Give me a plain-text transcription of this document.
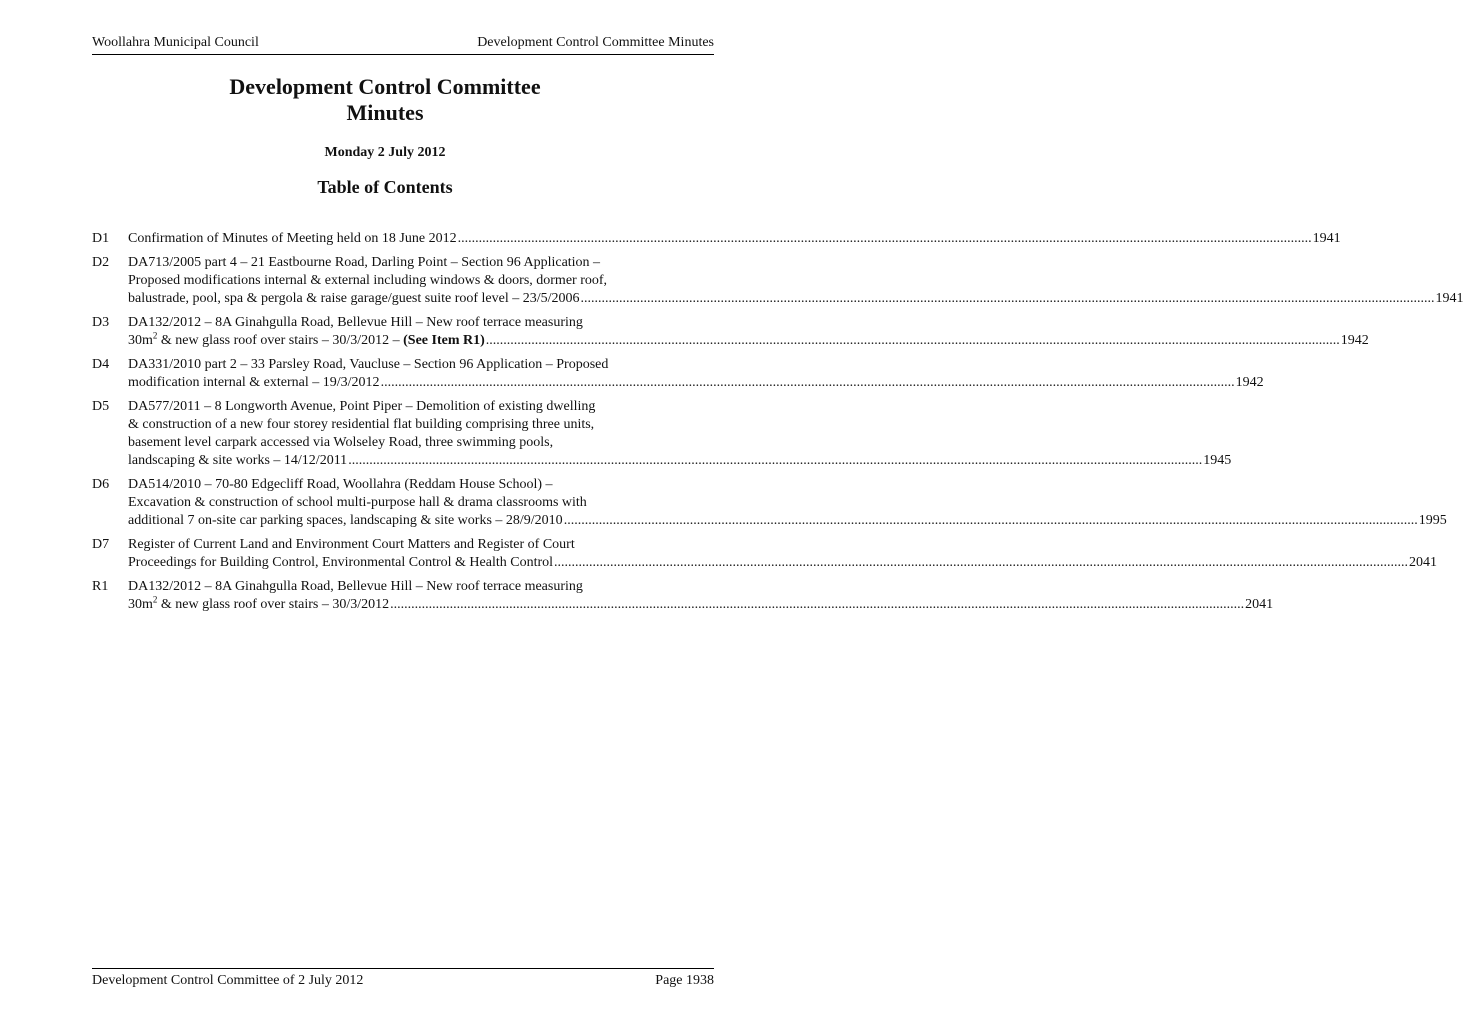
Woollahra Municipal Council	Development Control Committee Minutes
Development Control Committee
Minutes
Monday 2 July 2012
Table of Contents
D1	Confirmation of Minutes of Meeting held on 18 June 2012 .....	1941
D2	DA713/2005 part 4 – 21 Eastbourne Road, Darling Point – Section 96 Application –
Proposed modifications internal & external including windows & doors, dormer roof,
balustrade, pool, spa & pergola & raise garage/guest suite roof level – 23/5/2006 .....	1941
D3	DA132/2012 – 8A Ginahgulla Road, Bellevue Hill – New roof terrace measuring
$30m^2$ & new glass roof over stairs – 30/3/2012 – (See Item R1) .....	1942
D4	DA331/2010 part 2 – 33 Parsley Road, Vaucluse – Section 96 Application – Proposed
modification internal & external – 19/3/2012 .....	1942
D5	DA577/2011 – 8 Longworth Avenue, Point Piper – Demolition of existing dwelling
& construction of a new four storey residential flat building comprising three units,
basement level carpark accessed via Wolseley Road, three swimming pools,
landscaping & site works – 14/12/2011 .....	1945
D6	DA514/2010 – 70-80 Edgecliff Road, Woollahra (Reddam House School) –
Excavation & construction of school multi-purpose hall & drama classrooms with
additional 7 on-site car parking spaces, landscaping & site works – 28/9/2010 .....	1995
D7	Register of Current Land and Environment Court Matters and Register of Court
Proceedings for Building Control, Environmental Control & Health Control .....	2041
R1	DA132/2012 – 8A Ginahgulla Road, Bellevue Hill – New roof terrace measuring
$30m^2$ & new glass roof over stairs – 30/3/2012 .....	2041
Development Control Committee of 2 July 2012	Page 1938
